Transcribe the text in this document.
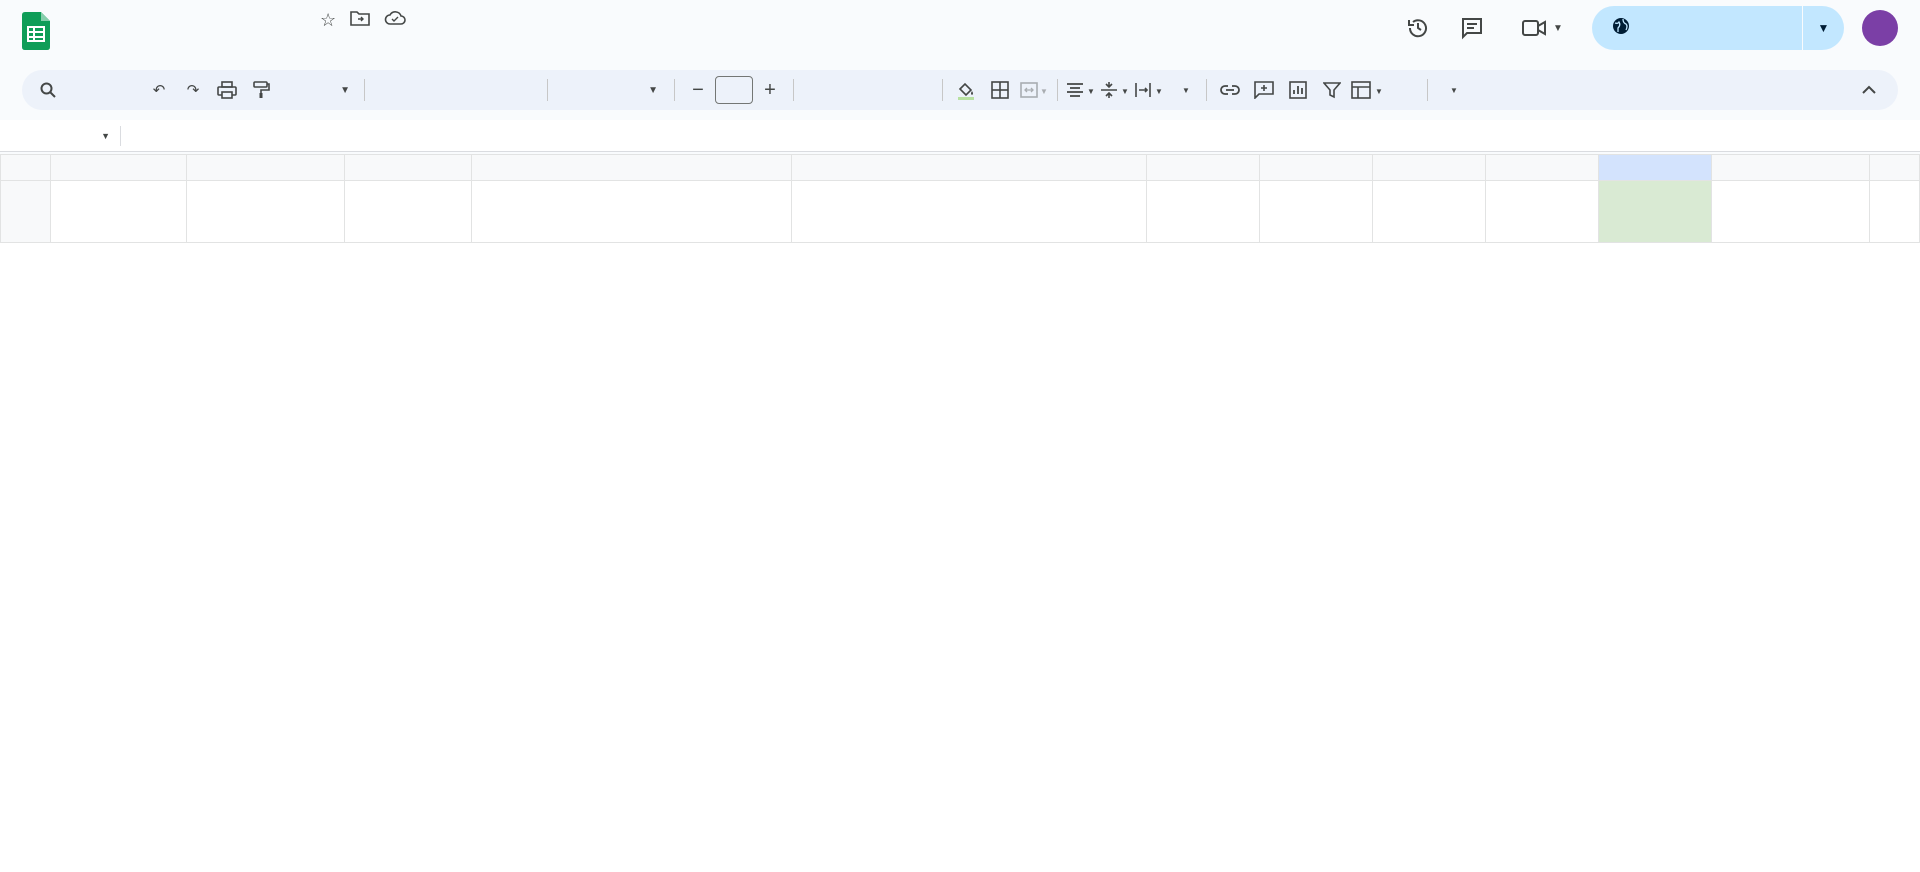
☆	▼	▼
↶	↷	▼	▼	−	+	▼	▼	▼	▼ ▼	▼	▼
▼
